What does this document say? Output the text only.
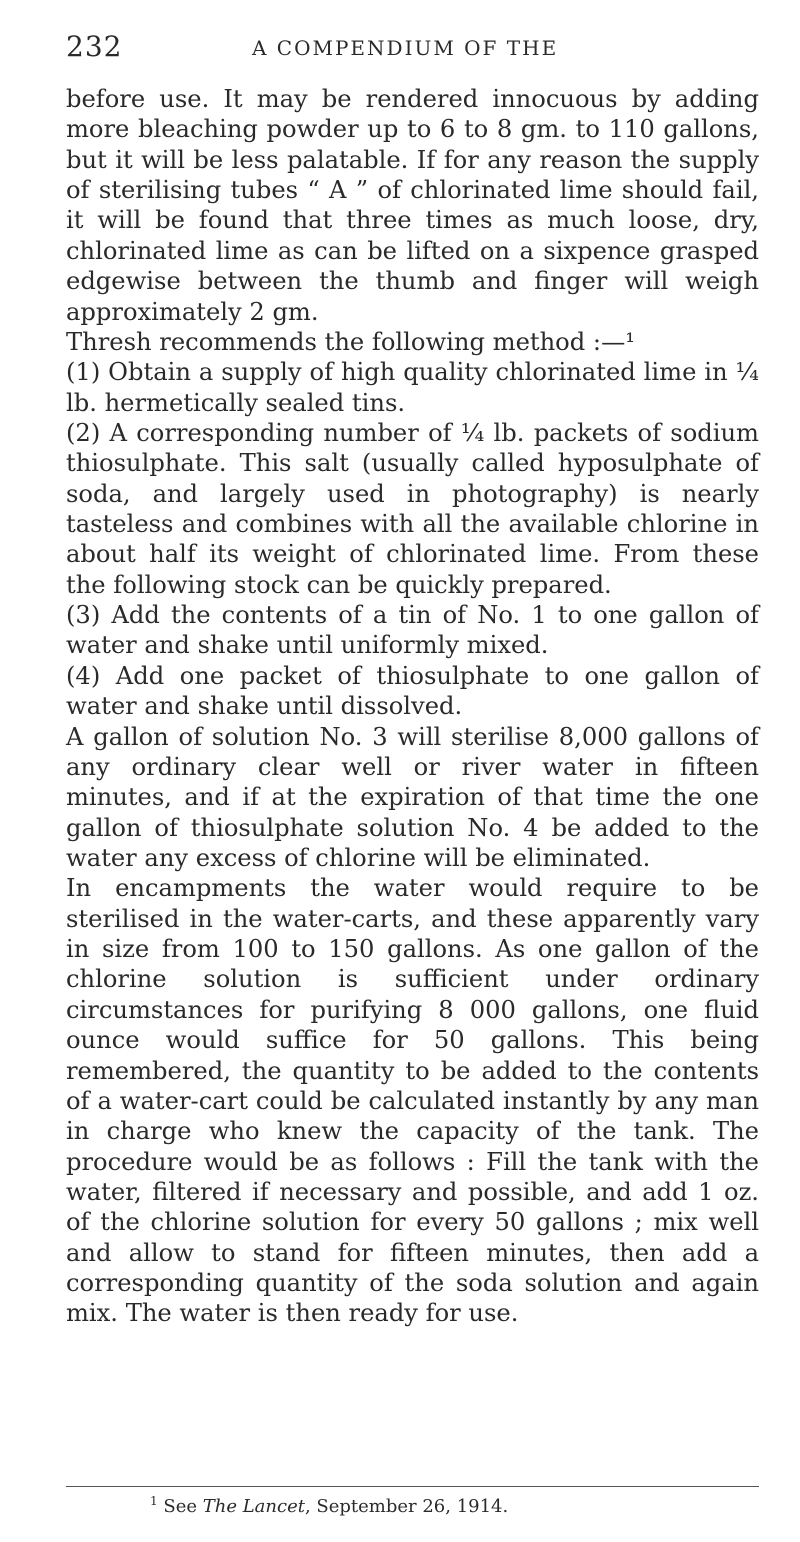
232	A COMPENDIUM OF THE

before use. It may be rendered innocuous by adding more bleaching powder up to 6 to 8 gm. to 110 gallons, but it will be less palatable. If for any reason the supply of sterilising tubes “ A ” of chlorinated lime should fail, it will be found that three times as much loose, dry, chlorinated lime as can be lifted on a sixpence grasped edgewise between the thumb and finger will weigh approximately 2 gm.

Thresh recommends the following method :—¹

(1) Obtain a supply of high quality chlorinated lime in ¼ lb. hermetically sealed tins.

(2) A corresponding number of ¼ lb. packets of sodium thiosulphate. This salt (usually called hyposulphate of soda, and largely used in photography) is nearly tasteless and combines with all the available chlorine in about half its weight of chlorinated lime. From these the following stock can be quickly prepared.

(3) Add the contents of a tin of No. 1 to one gallon of water and shake until uniformly mixed.

(4) Add one packet of thiosulphate to one gallon of water and shake until dissolved.

A gallon of solution No. 3 will sterilise 8,000 gallons of any ordinary clear well or river water in fifteen minutes, and if at the expiration of that time the one gallon of thiosulphate solution No. 4 be added to the water any excess of chlorine will be eliminated.

In encampments the water would require to be sterilised in the water-carts, and these apparently vary in size from 100 to 150 gallons. As one gallon of the chlorine solution is sufficient under ordinary circumstances for purifying 8 000 gallons, one fluid ounce would suffice for 50 gallons. This being remembered, the quantity to be added to the contents of a water-cart could be calculated instantly by any man in charge who knew the capacity of the tank. The procedure would be as follows : Fill the tank with the water, filtered if necessary and possible, and add 1 oz. of the chlorine solution for every 50 gallons ; mix well and allow to stand for fifteen minutes, then add a corresponding quantity of the soda solution and again mix. The water is then ready for use.

$^1$ See The Lancet, September 26, 1914.
